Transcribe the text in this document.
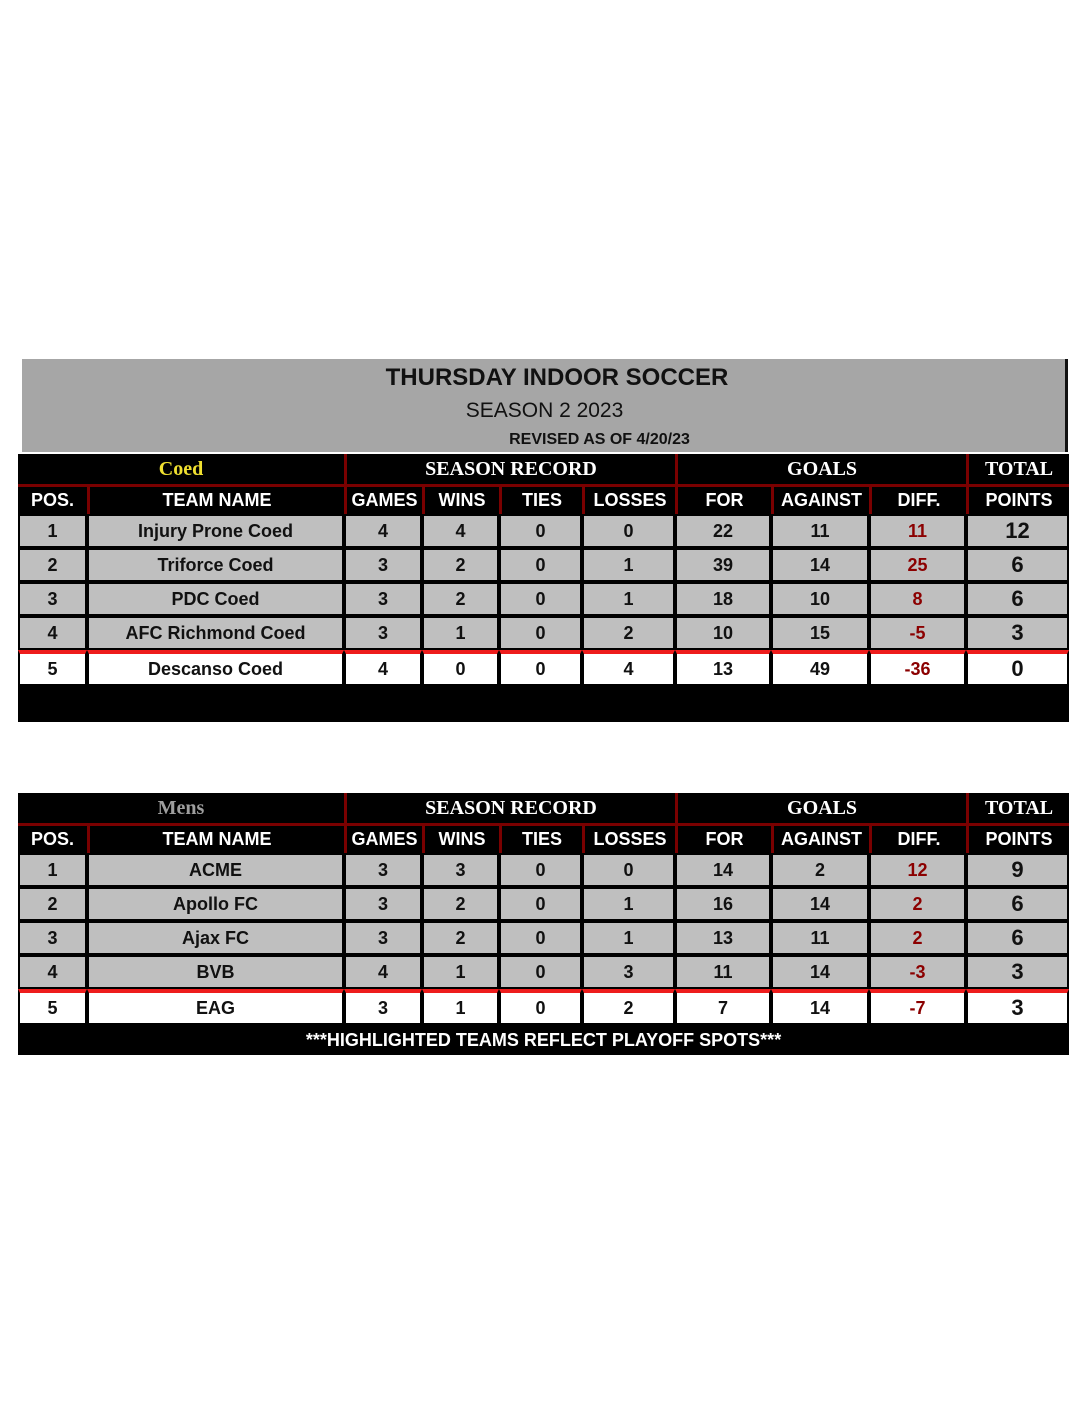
THURSDAY INDOOR SOCCER
SEASON 2 2023
REVISED AS OF 4/20/23
Coed		SEASON RECORD				GOALS			TOTAL
POS.	TEAM NAME	GAMES	WINS	TIES	LOSSES	FOR	AGAINST	DIFF.	POINTS
1	Injury Prone Coed	4	4	0	0	22	11	11	12
2	Triforce Coed	3	2	0	1	39	14	25	6
3	PDC Coed	3	2	0	1	18	10	8	6
4	AFC Richmond Coed	3	1	0	2	10	15	-5	3
5	Descanso Coed	4	0	0	4	13	49	-36	0

Mens		SEASON RECORD				GOALS			TOTAL
POS.	TEAM NAME	GAMES	WINS	TIES	LOSSES	FOR	AGAINST	DIFF.	POINTS
1	ACME	3	3	0	0	14	2	12	9
2	Apollo FC	3	2	0	1	16	14	2	6
3	Ajax FC	3	2	0	1	13	11	2	6
4	BVB	4	1	0	3	11	14	-3	3
5	EAG	3	1	0	2	7	14	-7	3
***HIGHLIGHTED TEAMS REFLECT PLAYOFF SPOTS***									
